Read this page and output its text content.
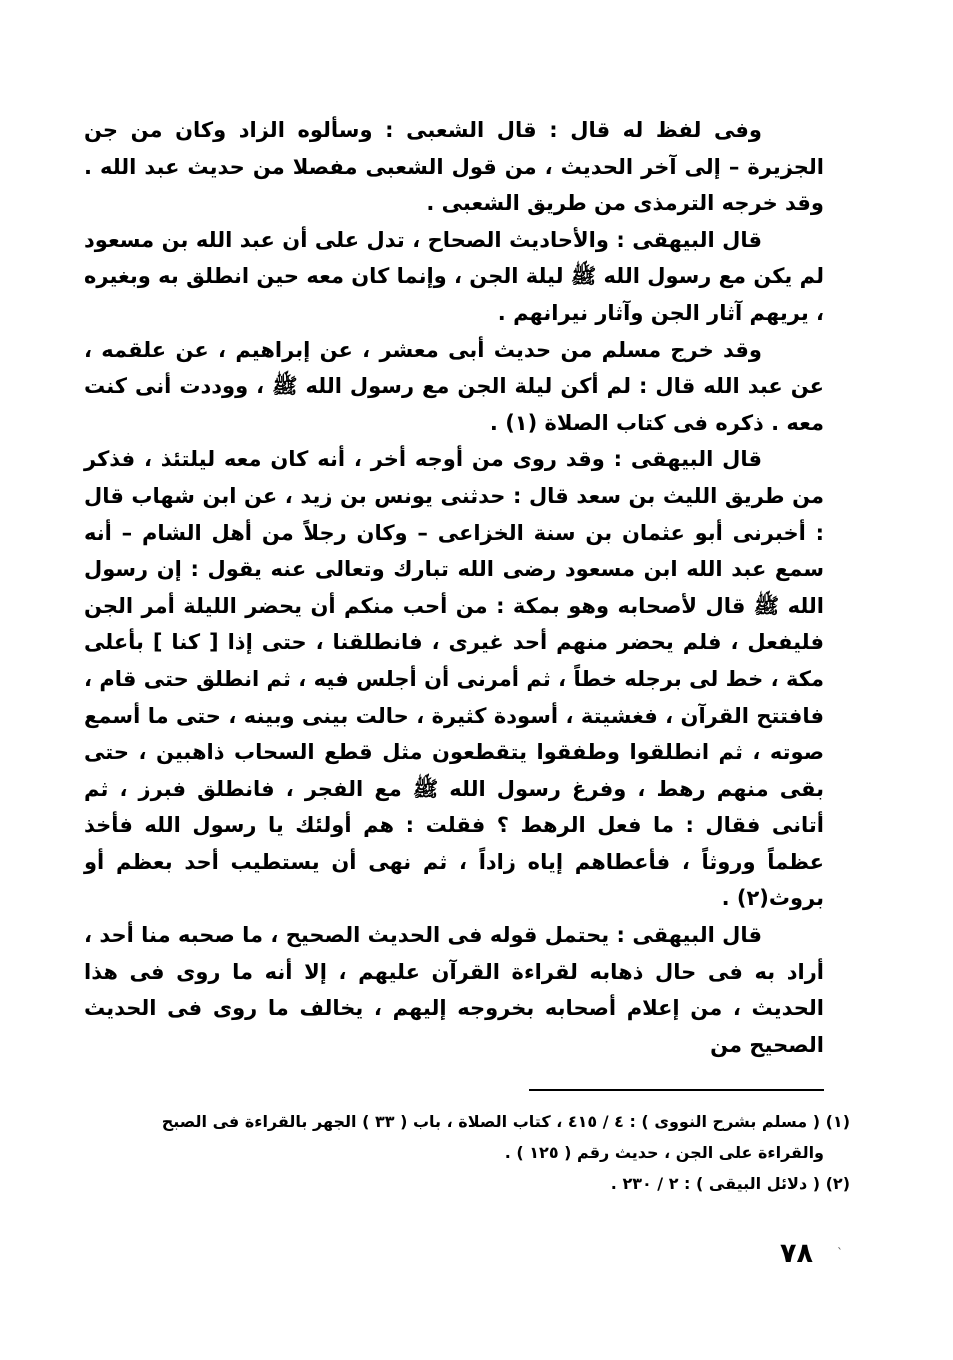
وفى لفظ له قال : قال الشعبى : وسألوه الزاد وكان من جن الجزيرة – إلى آخر الحديث ، من قول الشعبى مفصلا من حديث عبد الله . وقد خرجه الترمذى من طريق الشعبى .

قال البيهقى : والأحاديث الصحاح ، تدل على أن عبد الله بن مسعود لم يكن مع رسول الله ﷺ ليلة الجن ، وإنما كان معه حين انطلق به وبغيره ، يريهم آثار الجن وآثار نيرانهم .

وقد خرج مسلم من حديث أبى معشر ، عن إبراهيم ، عن علقمه ، عن عبد الله قال : لم أكن ليلة الجن مع رسول الله ﷺ ، ووددت أنى كنت معه . ذكره فى كتاب الصلاة (١) .

قال البيهقى : وقد روى من أوجه أخر ، أنه كان معه ليلتئذ ، فذكر من طريق الليث بن سعد قال : حدثنى يونس بن زيد ، عن ابن شهاب قال : أخبرنى أبو عثمان بن سنة الخزاعى – وكان رجلاً من أهل الشام – أنه سمع عبد الله ابن مسعود رضى الله تبارك وتعالى عنه يقول : إن رسول الله ﷺ قال لأصحابه وهو بمكة : من أحب منكم أن يحضر الليلة أمر الجن فليفعل ، فلم يحضر منهم أحد غيرى ، فانطلقنا ، حتى إذا [ كنا ] بأعلى مكة ، خط لى برجله خطاً ، ثم أمرنى أن أجلس فيه ، ثم انطلق حتى قام ، فافتتح القرآن ، فغشيتة ، أسودة كثيرة ، حالت بينى وبينه ، حتى ما أسمع صوته ، ثم انطلقوا وطفقوا يتقطعون مثل قطع السحاب ذاهبين ، حتى بقى منهم رهط ، وفرغ رسول الله ﷺ مع الفجر ، فانطلق فبرز ، ثم أتانى فقال : ما فعل الرهط ؟ فقلت : هم أولئك يا رسول الله فأخذ عظماً وروثاً ، فأعطاهم إياه زاداً ، ثم نهى أن يستطيب أحد بعظم أو بروث(٢) .

قال البيهقى : يحتمل قوله فى الحديث الصحيح ، ما صحبه منا أحد ، أراد به فى حال ذهابه لقراءة القرآن عليهم ، إلا أنه ما روى فى هذا الحديث ، من إعلام أصحابه بخروجه إليهم ، يخالف ما روى فى الحديث الصحيح من

(١) ( مسلم بشرح النووى ) : ٤ / ٤١٥ ، كتاب الصلاة ، باب ( ٣٣ ) الجهر بالقراءة فى الصبح

والقراءة على الجن ، حديث رقم ( ١٢٥ ) .

(٢) ( دلائل البيقى ) : ٢ / ٢٣٠ .

٧٨ ˋ
